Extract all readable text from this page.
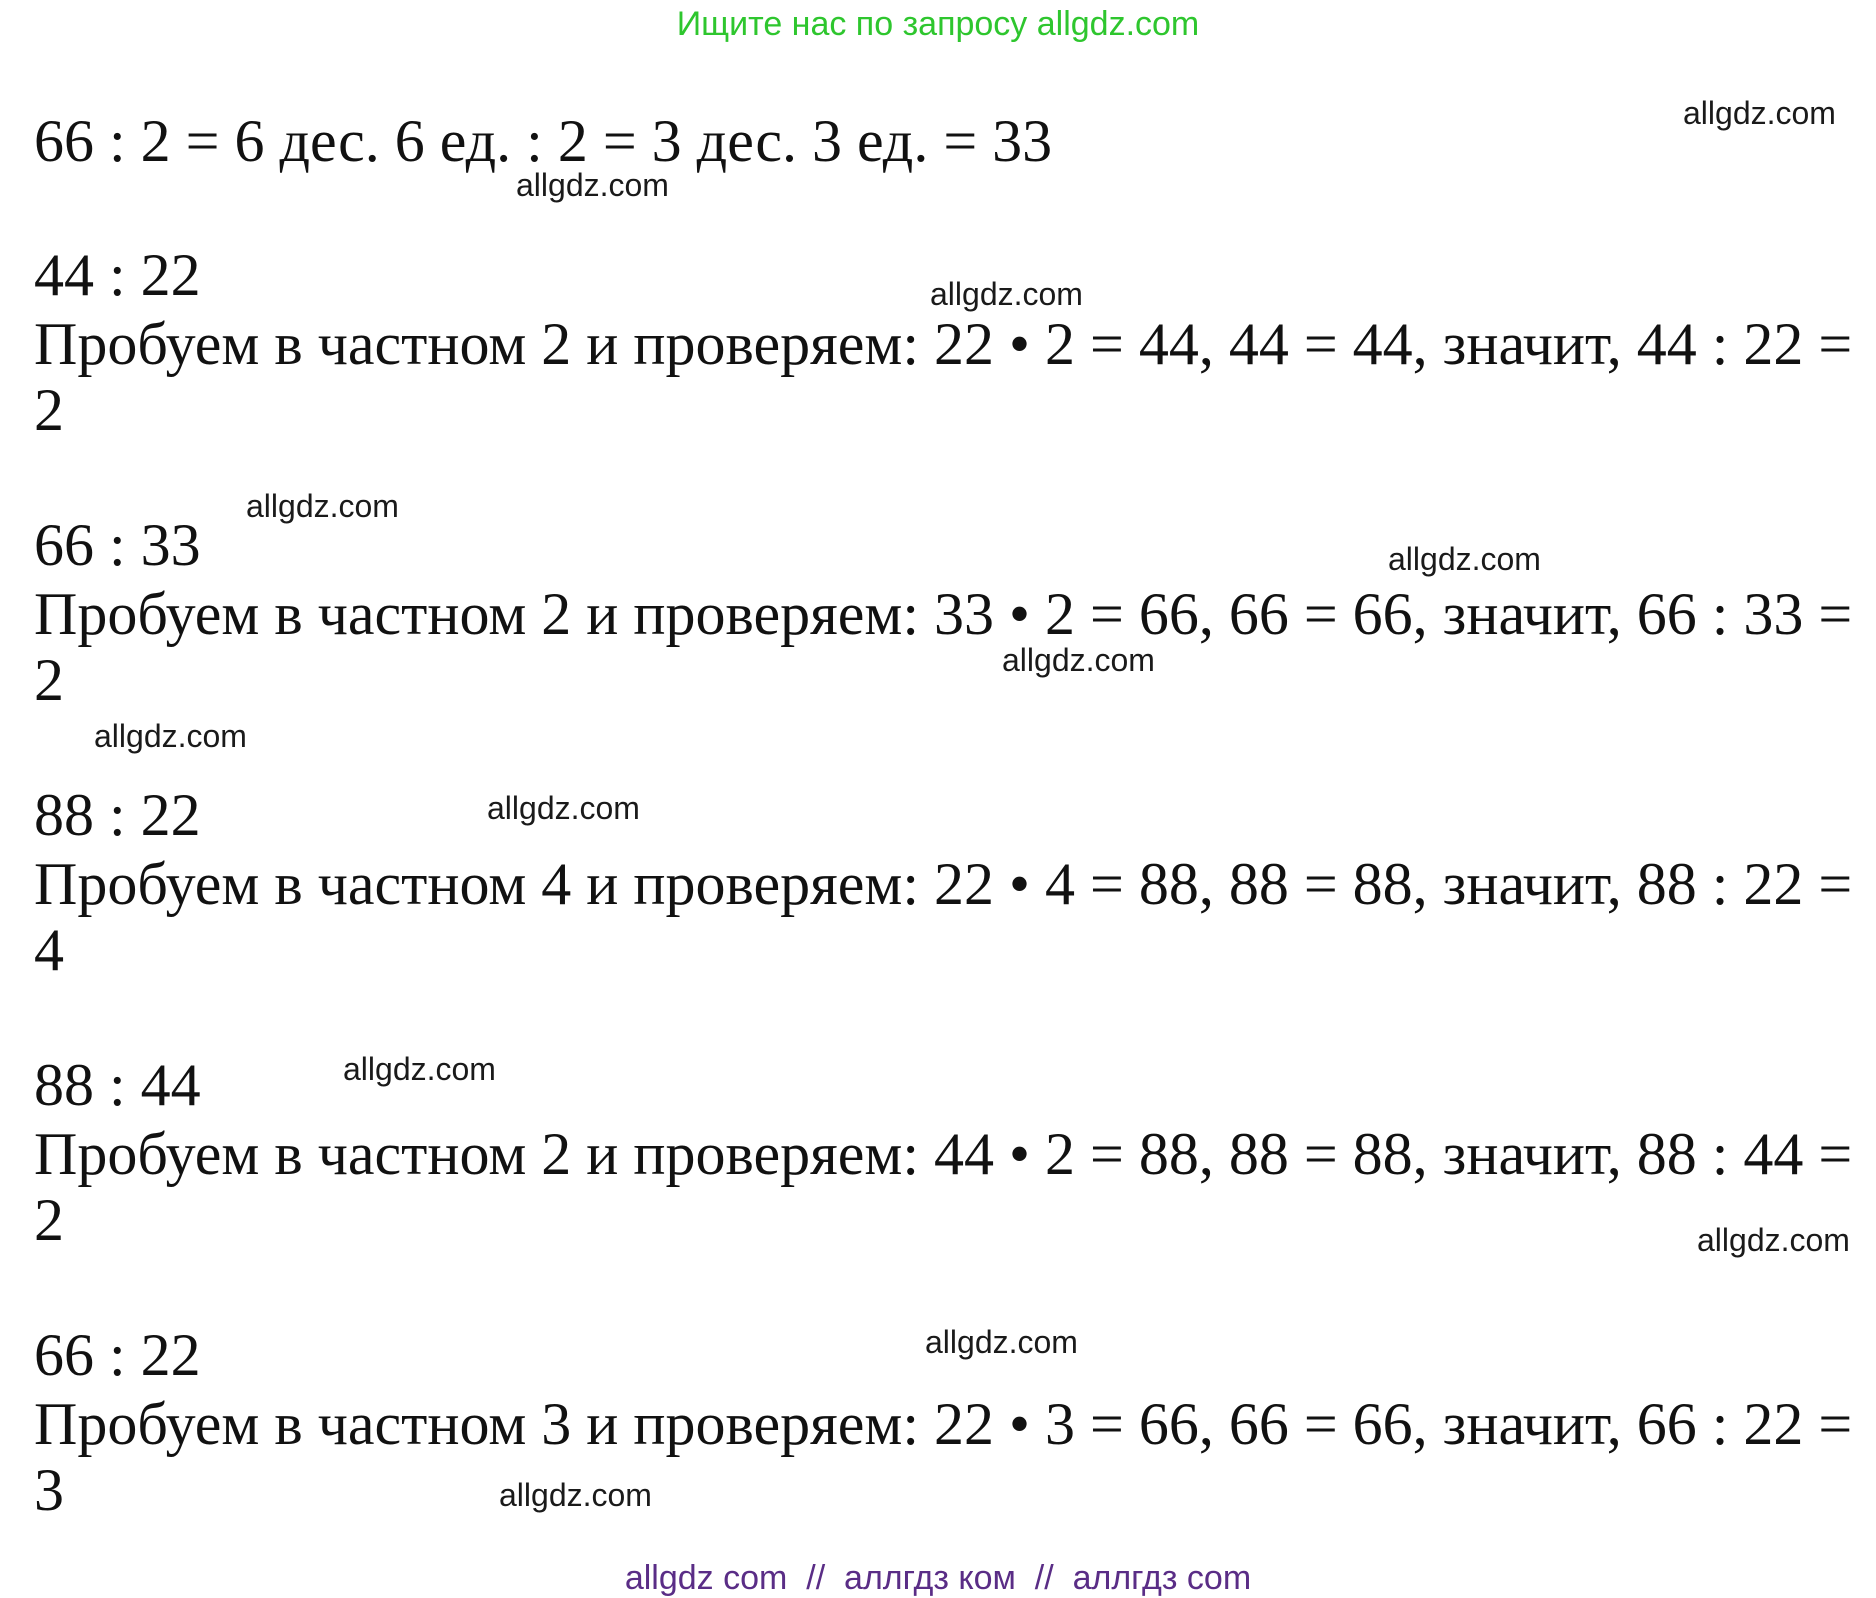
Ищите нас по запросу allgdz.com
66 : 2 = 6 дес. 6 ед. : 2 = 3 дес. 3 ед. = 33
44 : 22
Пробуем в частном 2 и проверяем: 22 • 2 = 44, 44 = 44, значит, 44 : 22 =
2
66 : 33
Пробуем в частном 2 и проверяем: 33 • 2 = 66, 66 = 66, значит, 66 : 33 =
2
88 : 22
Пробуем в частном 4 и проверяем: 22 • 4 = 88, 88 = 88, значит, 88 : 22 =
4
88 : 44
Пробуем в частном 2 и проверяем: 44 • 2 = 88, 88 = 88, значит, 88 : 44 =
2
66 : 22
Пробуем в частном 3 и проверяем: 22 • 3 = 66, 66 = 66, значит, 66 : 22 =
3
allgdz.com
allgdz.com
allgdz.com
allgdz.com
allgdz.com
allgdz.com
allgdz.com
allgdz.com
allgdz.com
allgdz.com
allgdz.com
allgdz.com
allgdz com  //  аллгдз ком  //  аллгдз com
